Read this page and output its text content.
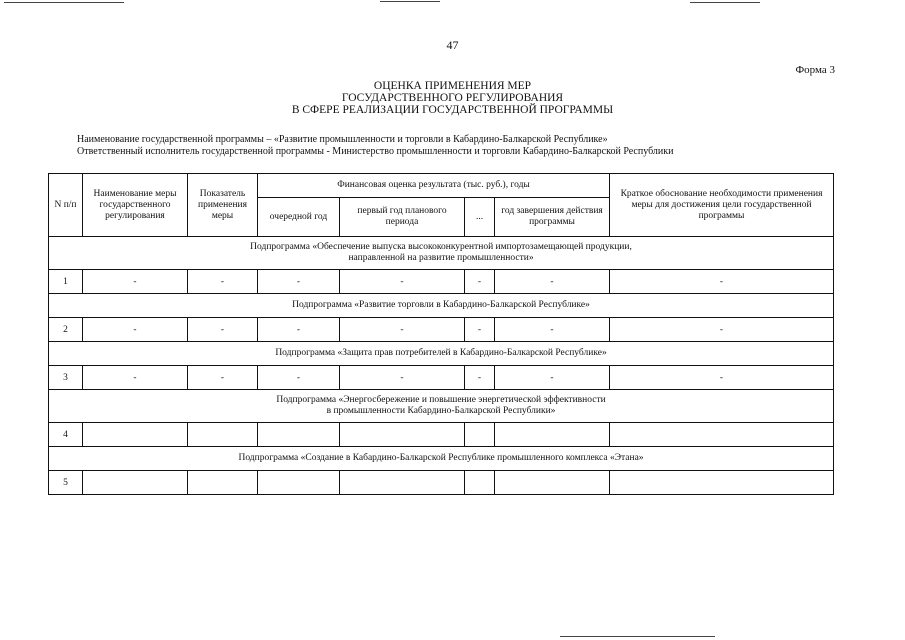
47
Форма 3
ОЦЕНКА ПРИМЕНЕНИЯ МЕР
ГОСУДАРСТВЕННОГО РЕГУЛИРОВАНИЯ
В СФЕРЕ РЕАЛИЗАЦИИ ГОСУДАРСТВЕННОЙ ПРОГРАММЫ
Наименование государственной программы – «Развитие промышленности и торговли в Кабардино-Балкарской Республике»
Ответственный исполнитель государственной программы - Министерство промышленности и торговли Кабардино-Балкарской Республики
N п/п	Наименование меры государственного регулирования	Показатель применения меры	Финансовая оценка результата (тыс. руб.), годы				Краткое обоснование необходимости применения меры для достижения цели государственной программы
			очередной год	первый год планового периода	...	год завершения действия программы	

Подпрограмма «Обеспечение выпуска высококонкурентной импортозамещающей продукции,
направленной на развитие промышленности»							

1	-	-	-	-	-	-	-

Подпрограмма «Развитие торговли в Кабардино-Балкарской Республике»							

2	-	-	-	-	-	-	-

Подпрограмма «Защита прав потребителей в Кабардино-Балкарской Республике»							

3	-	-	-	-	-	-	-

Подпрограмма «Энергосбережение и повышение энергетической эффективности
в промышленности Кабардино-Балкарской Республики»							

4							

Подпрограмма «Создание в Кабардино-Балкарской Республике промышленного комплекса «Этана»							

5							
